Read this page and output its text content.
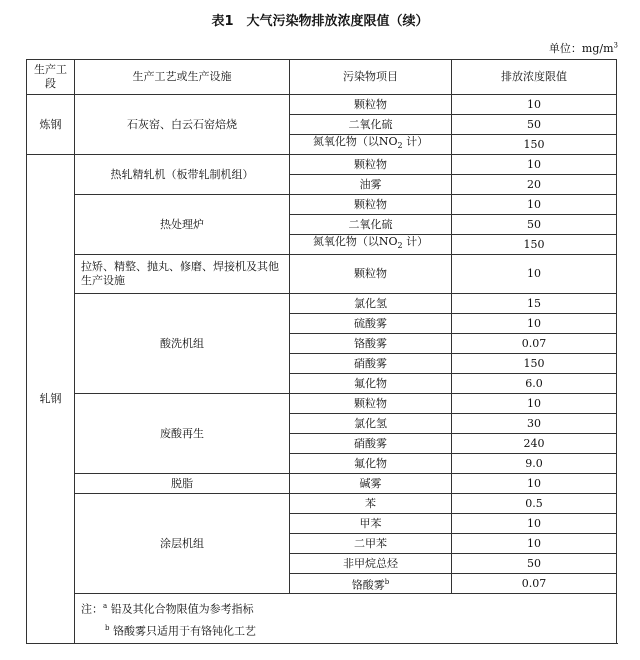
表1　大气污染物排放浓度限值（续）
单位：$mg/m^3$
生产工段	生产工艺或生产设施	污染物项目	排放浓度限值
炼钢	石灰窑、白云石窑焙烧	颗粒物	10
		二氧化硫	50
		氮氧化物（以$NO_2$ 计）	150
轧钢	热轧精轧机（板带轧制机组）	颗粒物	10
		油雾	20
	热处理炉	颗粒物	10
		二氧化硫	50
		氮氧化物（以$NO_2$ 计）	150
	拉矫、精整、抛丸、修磨、焊接机及其他生产设施	颗粒物	10
	酸洗机组	氯化氢	15
		硫酸雾	10
		铬酸雾	0.07
		硝酸雾	150
		氟化物	6.0
	废酸再生	颗粒物	10
		氯化氢	30
		硝酸雾	240
		氟化物	9.0
	脱脂	碱雾	10
	涂层机组	苯	0.5
		甲苯	10
		二甲苯	10
		非甲烷总烃	50
		铬酸雾$^b$	0.07

	注：$^a$ 铅及其化合物限值为参考指标
$^b$ 铬酸雾只适用于有铬钝化工艺		
